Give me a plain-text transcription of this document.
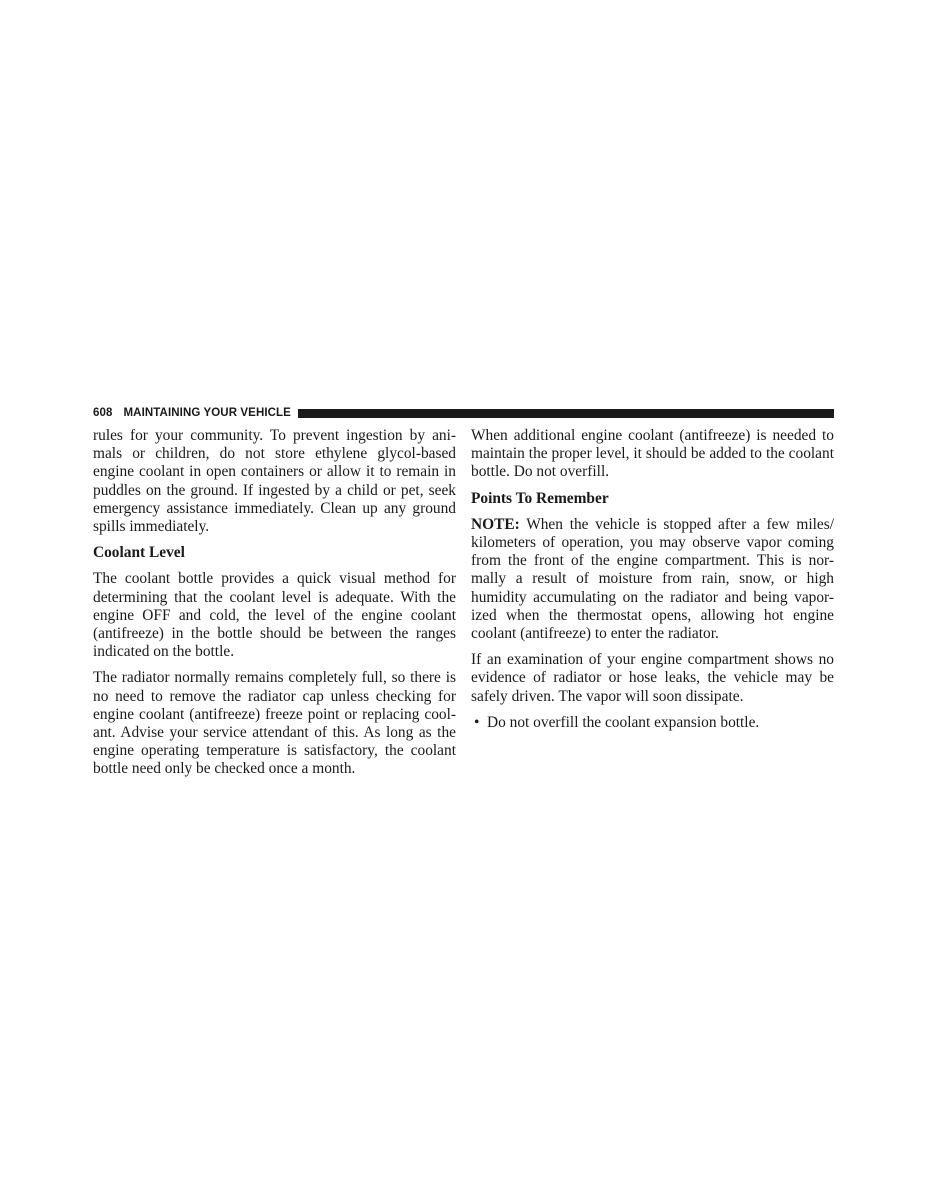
608 MAINTAINING YOUR VEHICLE

rules for your community. To prevent ingestion by ani-mals or children, do not store ethylene glycol-based engine coolant in open containers or allow it to remain in puddles on the ground. If ingested by a child or pet, seek emergency assistance immediately. Clean up any ground spills immediately.

Coolant Level

The coolant bottle provides a quick visual method for determining that the coolant level is adequate. With the engine OFF and cold, the level of the engine coolant (antifreeze) in the bottle should be between the ranges indicated on the bottle.

The radiator normally remains completely full, so there is no need to remove the radiator cap unless checking for engine coolant (antifreeze) freeze point or replacing cool-ant. Advise your service attendant of this. As long as the engine operating temperature is satisfactory, the coolant bottle need only be checked once a month.

When additional engine coolant (antifreeze) is needed to maintain the proper level, it should be added to the coolant bottle. Do not overfill.

Points To Remember

NOTE: When the vehicle is stopped after a few miles/ kilometers of operation, you may observe vapor coming from the front of the engine compartment. This is nor-mally a result of moisture from rain, snow, or high humidity accumulating on the radiator and being vapor-ized when the thermostat opens, allowing hot engine coolant (antifreeze) to enter the radiator.

If an examination of your engine compartment shows no evidence of radiator or hose leaks, the vehicle may be safely driven. The vapor will soon dissipate.

• Do not overfill the coolant expansion bottle.
